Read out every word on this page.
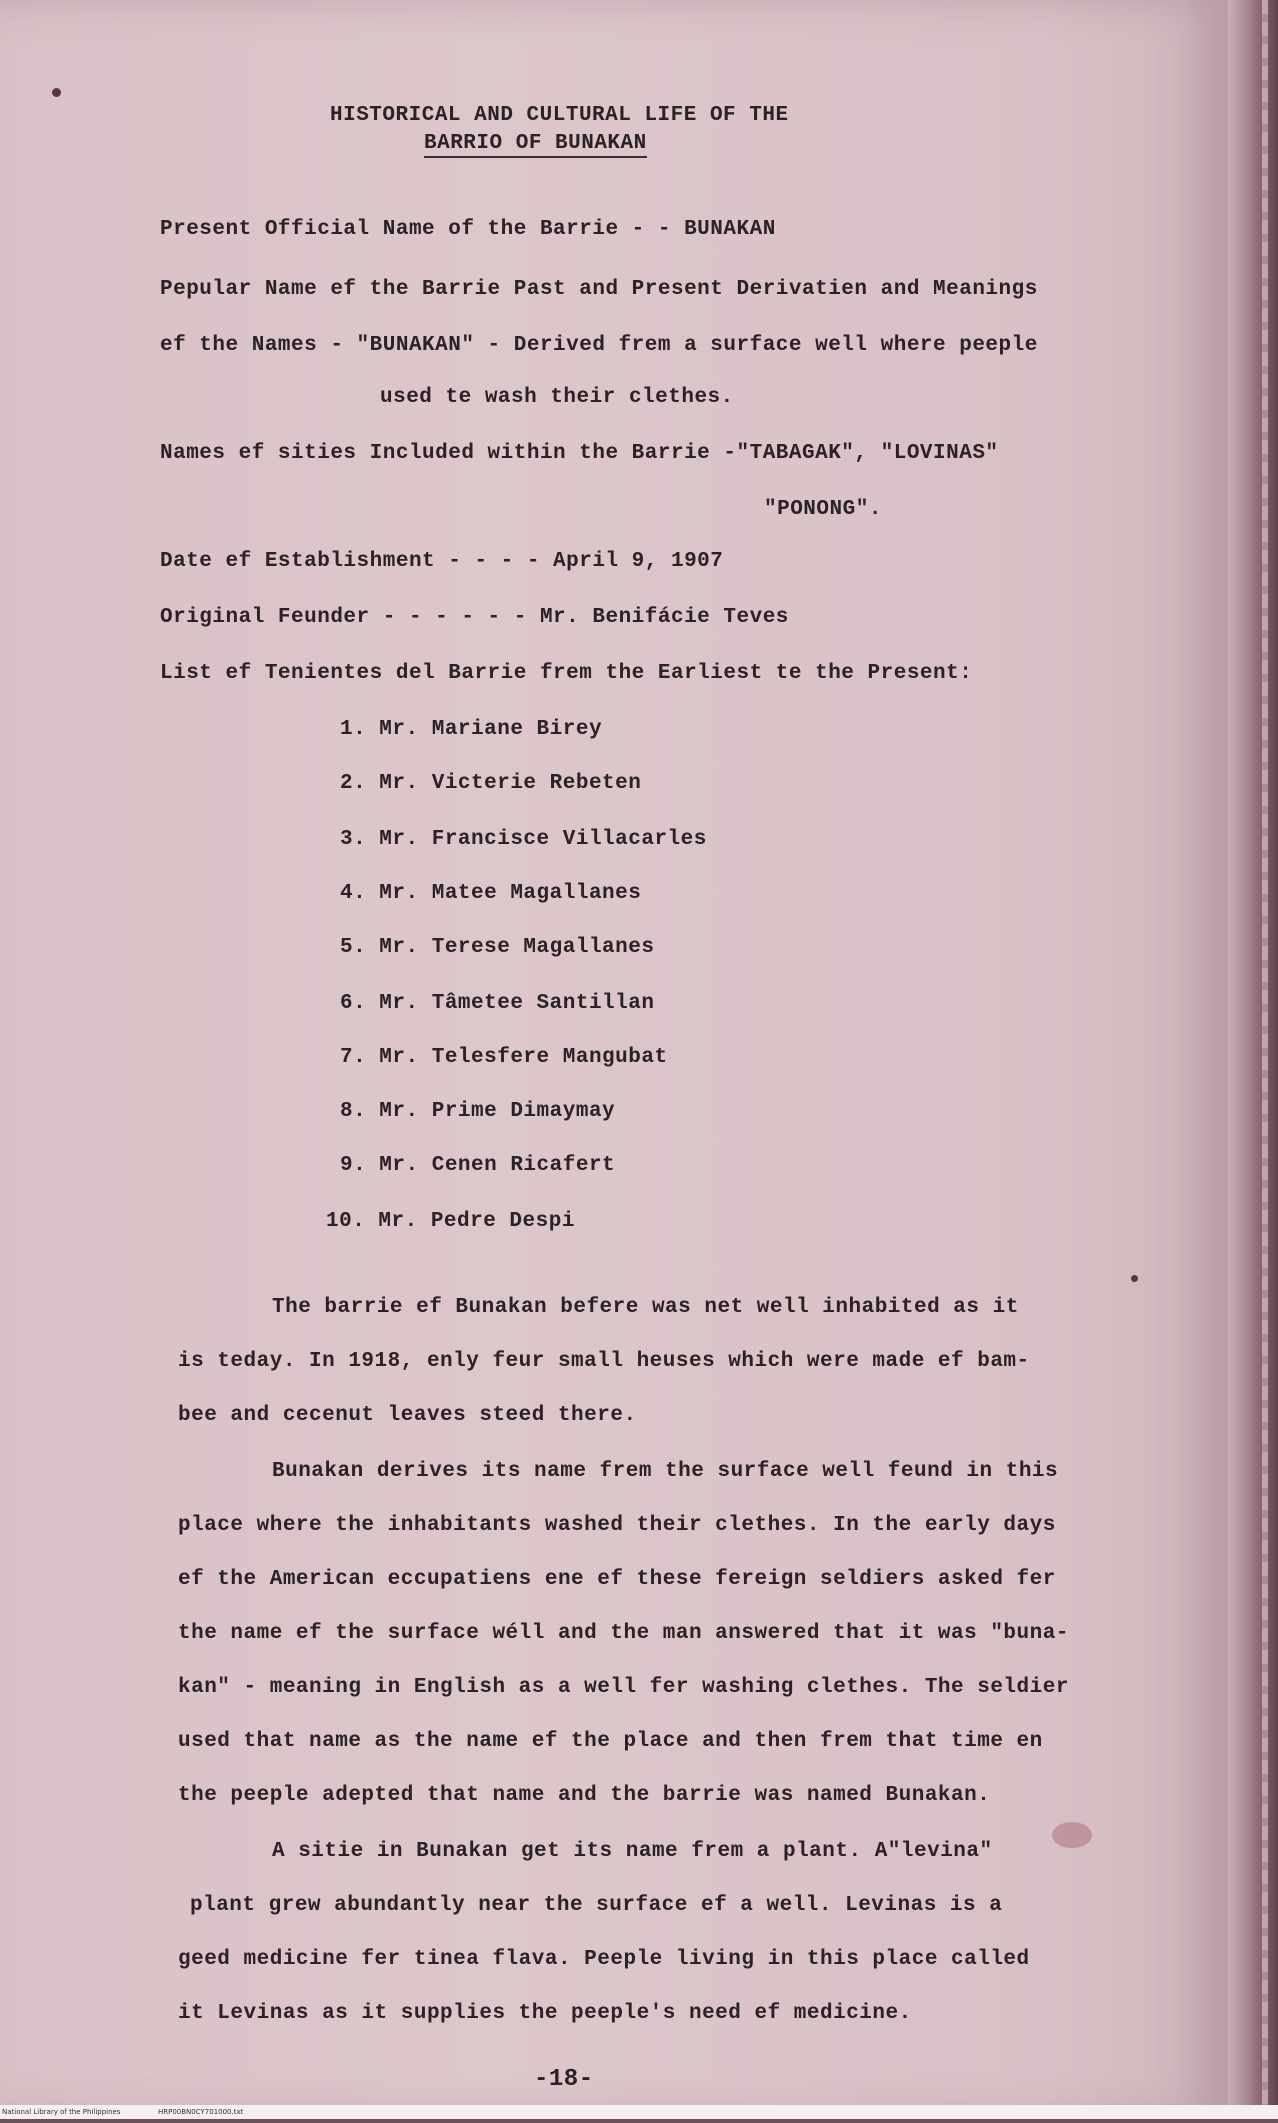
HISTORICAL AND CULTURAL LIFE OF THE
BARRIO OF BUNAKAN
Present Official Name of the Barrie - - BUNAKAN
Pepular Name ef the Barrie Past and Present Derivatien and Meanings
ef the Names - "BUNAKAN" - Derived frem a surface well where peeple
used te wash their clethes.
Names ef sities Included within the Barrie -"TABAGAK", "LOVINAS"
"PONONG".
Date ef Establishment - - - - April 9, 1907
Original Feunder - - - - - - Mr. Benifácie Teves
List ef Tenientes del Barrie frem the Earliest te the Present:
1. Mr. Mariane Birey
2. Mr. Victerie Rebeten
3. Mr. Francisce Villacarles
4. Mr. Matee Magallanes
5. Mr. Terese Magallanes
6. Mr. Tâmetee Santillan
7. Mr. Telesfere Mangubat
8. Mr. Prime Dimaymay
9. Mr. Cenen Ricafert
10. Mr. Pedre Despi
The barrie ef Bunakan befere was net well inhabited as it
is teday. In 1918, enly feur small heuses which were made ef bam-
bee and cecenut leaves steed there.
Bunakan derives its name frem the surface well feund in this
place where the inhabitants washed their clethes. In the early days
ef the American eccupatiens ene ef these fereign seldiers asked fer
the name ef the surface wéll and the man answered that it was "buna-
kan" - meaning in English as a well fer washing clethes. The seldier
used that name as the name ef the place and then frem that time en
the peeple adepted that name and the barrie was named Bunakan.
A sitie in Bunakan get its name frem a plant. A"levina"
plant grew abundantly near the surface ef a well. Levinas is a
geed medicine fer tinea flava. Peeple living in this place called
it Levinas as it supplies the peeple's need ef medicine.
-18-
National Library of the Philippines	HRP00BN0CY701000.txt
